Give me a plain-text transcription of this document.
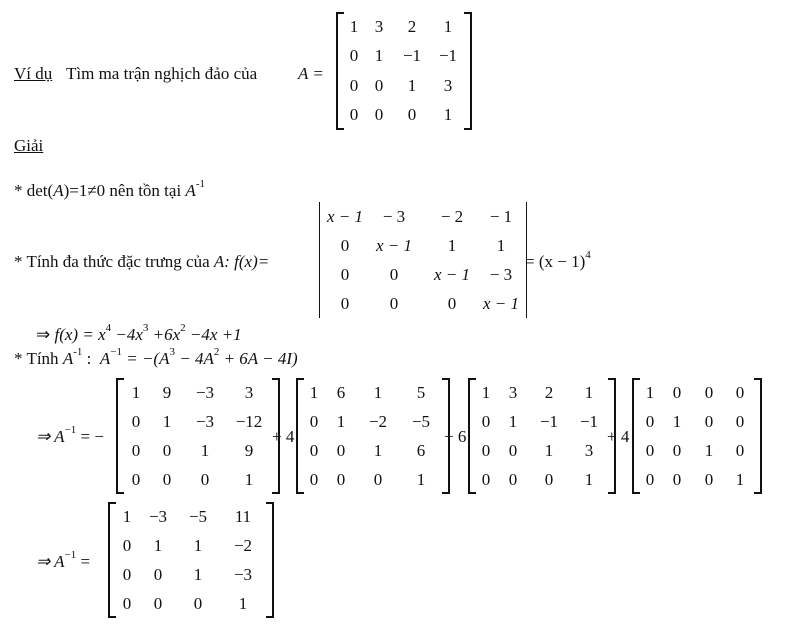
Ví dụ Tìm ma trận nghịch đảo của A =
1 3	2	1
0 1	−1	−1
0 0	1	3
0 0	0	1
Giải
* det(A)=1≠0 nên tồn tại $A^{-1}$
* Tính đa thức đặc trưng của A: f(x)=
x − 1	− 3	− 2	− 1
0	x − 1	1	1
0	0	x − 1	− 3
0	0	0	x − 1
= $(x - 1)^4$
⇒ $f(x) = x^4 -4x^3 +6x^2 -4x +1$
* Tính $A^{-1}$ : $A^{-1} = -(A^3 - 4A^2 + 6A - 4I)$
⇒ $A^{-1}$ = −
1	9	−3	3
0	1	−3	−12
0	0	1	9
0	0	0	1
+ 4
1	6	1	5
0	1	−2	−5
0	0	1	6
0	0	0	1
− 6
1	3	2	1
0	1	−1	−1
0	0	1	3
0	0	0	1
+ 4
1	0	0	0
0	1	0	0
0	0	1	0
0	0	0	1
⇒ $A^{-1}$ =
1	−3	−5	11
0	1	1	−2
0	0	1	−3
0	0	0	1
